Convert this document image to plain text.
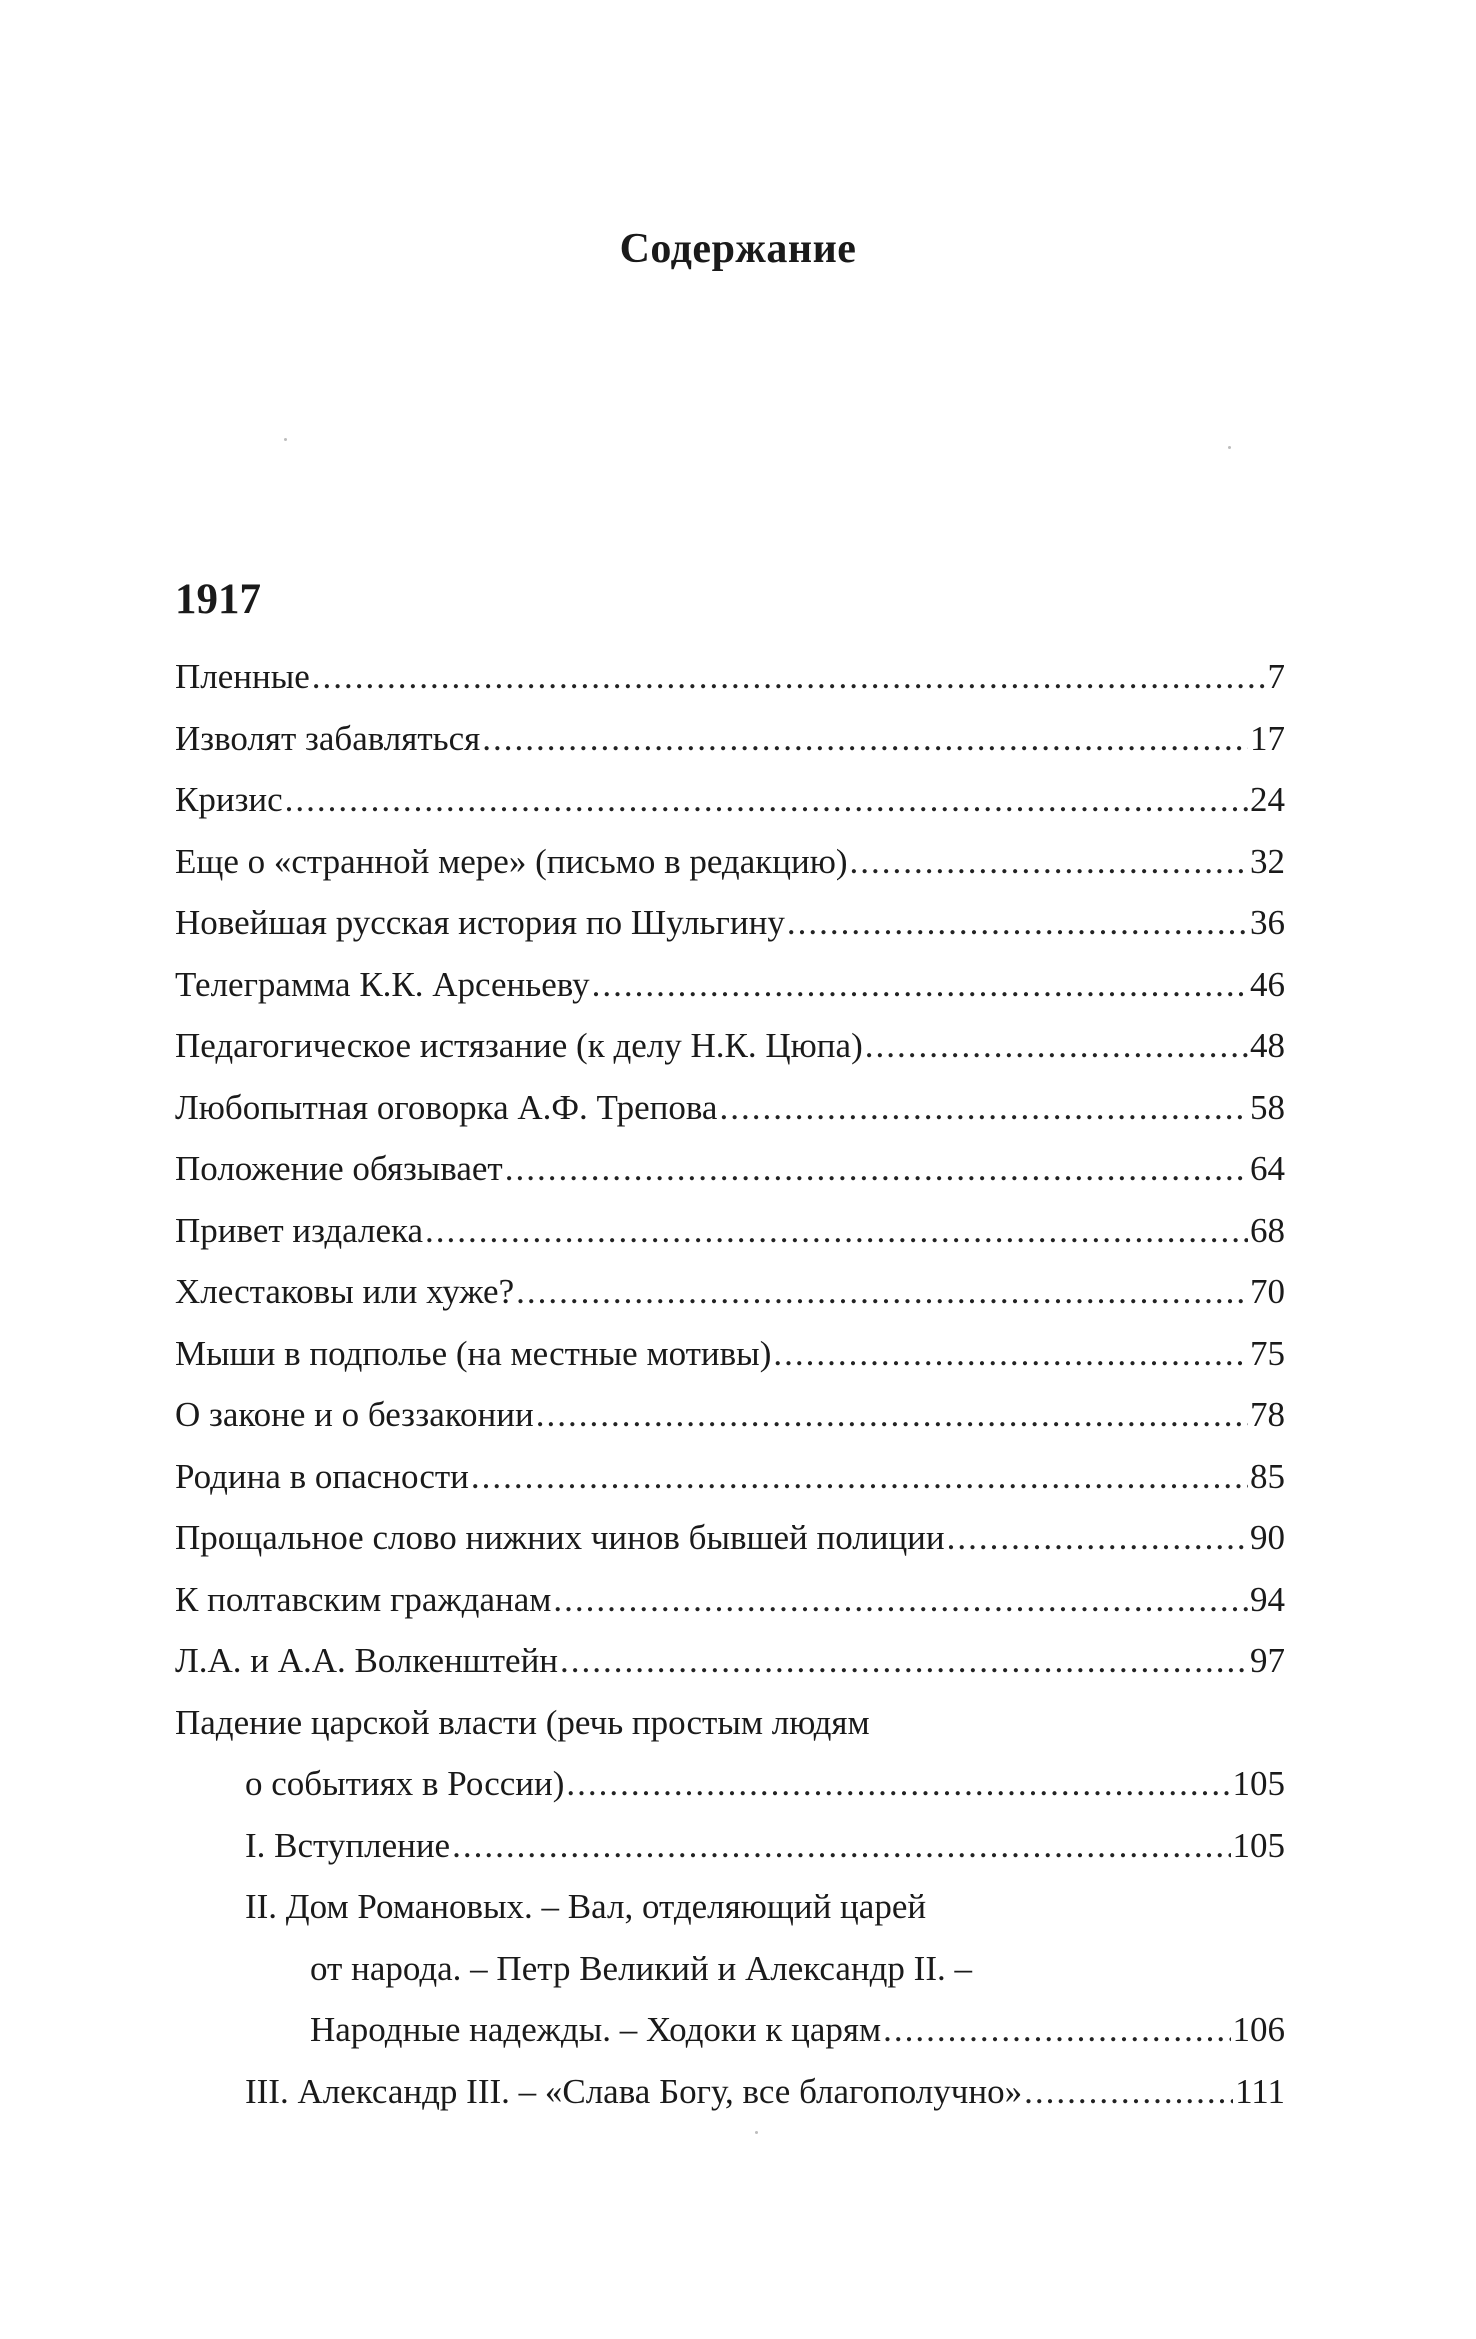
Содержание
1917
Пленные .....	7
Изволят забавляться .....	17
Кризис .....	24
Еще о «странной мере» (письмо в редакцию) .....	32
Новейшая русская история по Шульгину .....	36
Телеграмма К.К. Арсеньеву .....	46
Педагогическое истязание (к делу Н.К. Цюпа) .....	48
Любопытная оговорка А.Ф. Трепова .....	58
Положение обязывает .....	64
Привет издалека .....	68
Хлестаковы или хуже? .....	70
Мыши в подполье (на местные мотивы) .....	75
О законе и о беззаконии .....	78
Родина в опасности .....	85
Прощальное слово нижних чинов бывшей полиции .....	90
К полтавским гражданам .....	94
Л.А. и А.А. Волкенштейн .....	97
Падение царской власти (речь простым людям
о событиях в России) .....	105
I. Вступление .....	105
II. Дом Романовых. – Вал, отделяющий царей
от народа. – Петр Великий и Александр II. –
Народные надежды. – Ходоки к царям .....	106
III. Александр III. – «Слава Богу, все благополучно» .....	111
